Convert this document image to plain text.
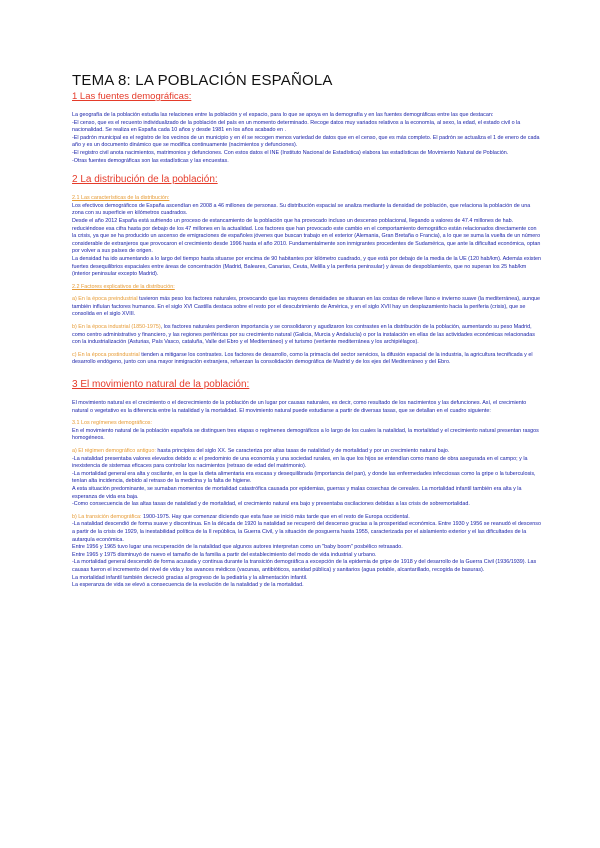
TEMA 8: LA POBLACIÓN ESPAÑOLA
1 Las fuentes demográficas:

La geografía de la población estudia las relaciones entre la población y el espacio, para lo que se apoya en la demografía y en las fuentes demográficas entre las que destacan:

-El censo, que es el recuento individualizado de la población del país en un momento determinado. Recoge datos muy variados relativos a la economía, al sexo, la edad, el estado civil o la nacionalidad. Se realiza en España cada 10 años y desde 1981 en los años acabado en .

-El padrón municipal es el registro de los vecinos de un municipio y en él se recogen menos variedad de datos que en el censo, que es más completo. El padrón se actualiza el 1 de enero de cada año y es un documento dinámico que se modifica continuamente (nacimientos y defunciones).

-El registro civil anota nacimientos, matrimonios y defunciones. Con estos datos el INE (Instituto Nacional de Estadística) elabora las estadísticas de Movimiento Natural de Población.

-Otras fuentes demográficas son las estadísticas y las encuestas.

2 La distribución de la población:

2.1 Las características de la distribución:

Los efectivos demográficos de España ascendían en 2008 a 46 millones de personas. Su distribución espacial se analiza mediante la densidad de población, que relaciona la población de una zona con su superficie en kilómetros cuadrados.

Desde el año 2012 España está sufriendo un proceso de estancamiento de la población que ha provocado incluso un descenso poblacional, llegando a valores de 47.4 millones de hab. reduciéndose esa cifra hasta por debajo de los 47 millones en la actualidad. Los factores que han provocado este cambio en el comportamiento demográfico están relacionados directamente con la crisis, ya que se ha producido un ascenso de emigraciones de españoles jóvenes que buscan trabajo en el exterior (Alemania, Gran Bretaña o Francia), a lo que se suma la vuelta de un número considerable de extranjeros que provocaron el crecimiento desde 1996 hasta el año 2010. Fundamentalmente son inmigrantes procedentes de Sudamérica, que ante la dificultad económica, optan por volver a sus países de origen.

La densidad ha ido aumentando a lo largo del tiempo hasta situarse por encima de 90 habitantes por kilómetro cuadrado, y que está por debajo de la media de la UE (120 hab/km). Además existen fuertes desequilibrios espaciales entre áreas de concentración (Madrid, Baleares, Canarias, Ceuta, Melilla y la periferia peninsular) y áreas de despoblamiento, que no superan los 25 hab/km (interior peninsular excepto Madrid).

2.2 Factores explicativos de la distribución:

a) En la época preindustrial tuvieron más peso los factores naturales, provocando que las mayores densidades se situaran en las costas de relieve llano e invierno suave (la mediterránea), aunque también influían factores humanos. En el siglo XVI Castilla destaca sobre el resto por el descubrimiento de América, y en el siglo XVII hay un desplazamiento hacia la periferia (crisis), que se consolida en el siglo XVIII.

b) En la época industrial (1850-1975), los factores naturales perdieron importancia y se consolidaron y agudizaron los contrastes en la distribución de la población, aumentando su peso Madrid, como centro administrativo y financiero, y las regiones periféricas por su crecimiento natural (Galicia, Murcia y Andalucía) o por la instalación en ellas de las actividades económicas relacionadas con la industrialización (Asturias, País Vasco, cataluña, Valle del Ebro y el Mediterráneo) y el turismo (vertiente mediterránea y los archipiélagos).

c) En la época postindustrial tienden a mitigarse los contrastes. Los factores de desarrollo, como la primacía del sector servicios, la difusión espacial de la industria, la agricultura tecnificada y el desarrollo endógeno, junto con una mayor inmigración extranjera, refuerzan la consolidación demográfica de Madrid y de los ejes del Mediterráneo y del Ebro.

3 El movimiento natural de la población:

El movimiento natural es el crecimiento o el decrecimiento de la población de un lugar por causas naturales, es decir, como resultado de los nacimientos y las defunciones. Así, el crecimiento natural o vegetativo es la diferencia entre la natalidad y la mortalidad. El movimiento natural puede estudiarse a partir de diversas tasas, que se detallan en el cuadro siguiente:

3.1 Los regímenes demográficos:

En el movimiento natural de la población española se distinguen tres etapas o regímenes demográficos a lo largo de los cuales la natalidad, la mortalidad y el crecimiento natural presentan rasgos homogéneos.

a) El régimen demográfico antiguo: hasta principios del siglo XX. Se caracteriza por altas tasas de natalidad y de mortalidad y por un crecimiento natural bajo.

-La natalidad presentaba valores elevados debido a: el predominio de una economía y una sociedad rurales, en la que los hijos se entendían como mano de obra asegurada en el campo; y la inexistencia de sistemas eficaces para controlar los nacimientos (retraso de edad del matrimonio).

-La mortalidad general era alta y oscilante, en la que la dieta alimentaria era escasa y desequilibrada (importancia del pan), y donde las enfermedades infecciosas como la gripe o la tuberculosis, tenían alta incidencia, debido al retraso de la medicina y la falta de higiene.

A esta situación predominante, se sumaban momentos de mortalidad catastrófica causada por epidemias, guerras y malas cosechas de cereales. La mortalidad infantil también era alta y la esperanza de vida era baja.

-Como consecuencia de las altas tasas de natalidad y de mortalidad, el crecimiento natural era bajo y presentaba oscilaciones debidas a las crisis de sobremortalidad.

b) La transición demográfica: 1900-1975. Hay que comenzar diciendo que esta fase se inició más tarde que en el resto de Europa occidental.

-La natalidad descendió de forma suave y discontinua. En la década de 1920 la natalidad se recuperó del descenso gracias a la prosperidad económica. Entre 1930 y 1956 se reanudó el descenso a partir de la crisis de 1929, la inestabilidad política de la II república, la Guerra Civil, y la situación de posguerra hasta 1955, caracterizada por el aislamiento exterior y el las dificultades de la autarquía económica.

Entre 1956 y 1965 tuvo lugar una recuperación de la natalidad que algunos autores interpretan como un "baby boom" posbélico retrasado.

Entre 1965 y 1975 disminuyó de nuevo el tamaño de la familia a partir del establecimiento del modo de vida industrial y urbano.

-La mortalidad general descendió de forma acusada y continua durante la transición demográfica a excepción de la epidemia de gripe de 1918 y del desarrollo de la Guerra Civil (1936/1939). Las causas fueron el incremento del nivel de vida y los avances médicos (vacunas, antibióticos, sanidad pública) y sanitarios (agua potable, alcantarillado, recogida de basuras).

La mortalidad infantil también decreció gracias al progreso de la pediatría y la alimentación infantil.

La esperanza de vida se elevó a consecuencia de la evolución de la natalidad y de la mortalidad.
